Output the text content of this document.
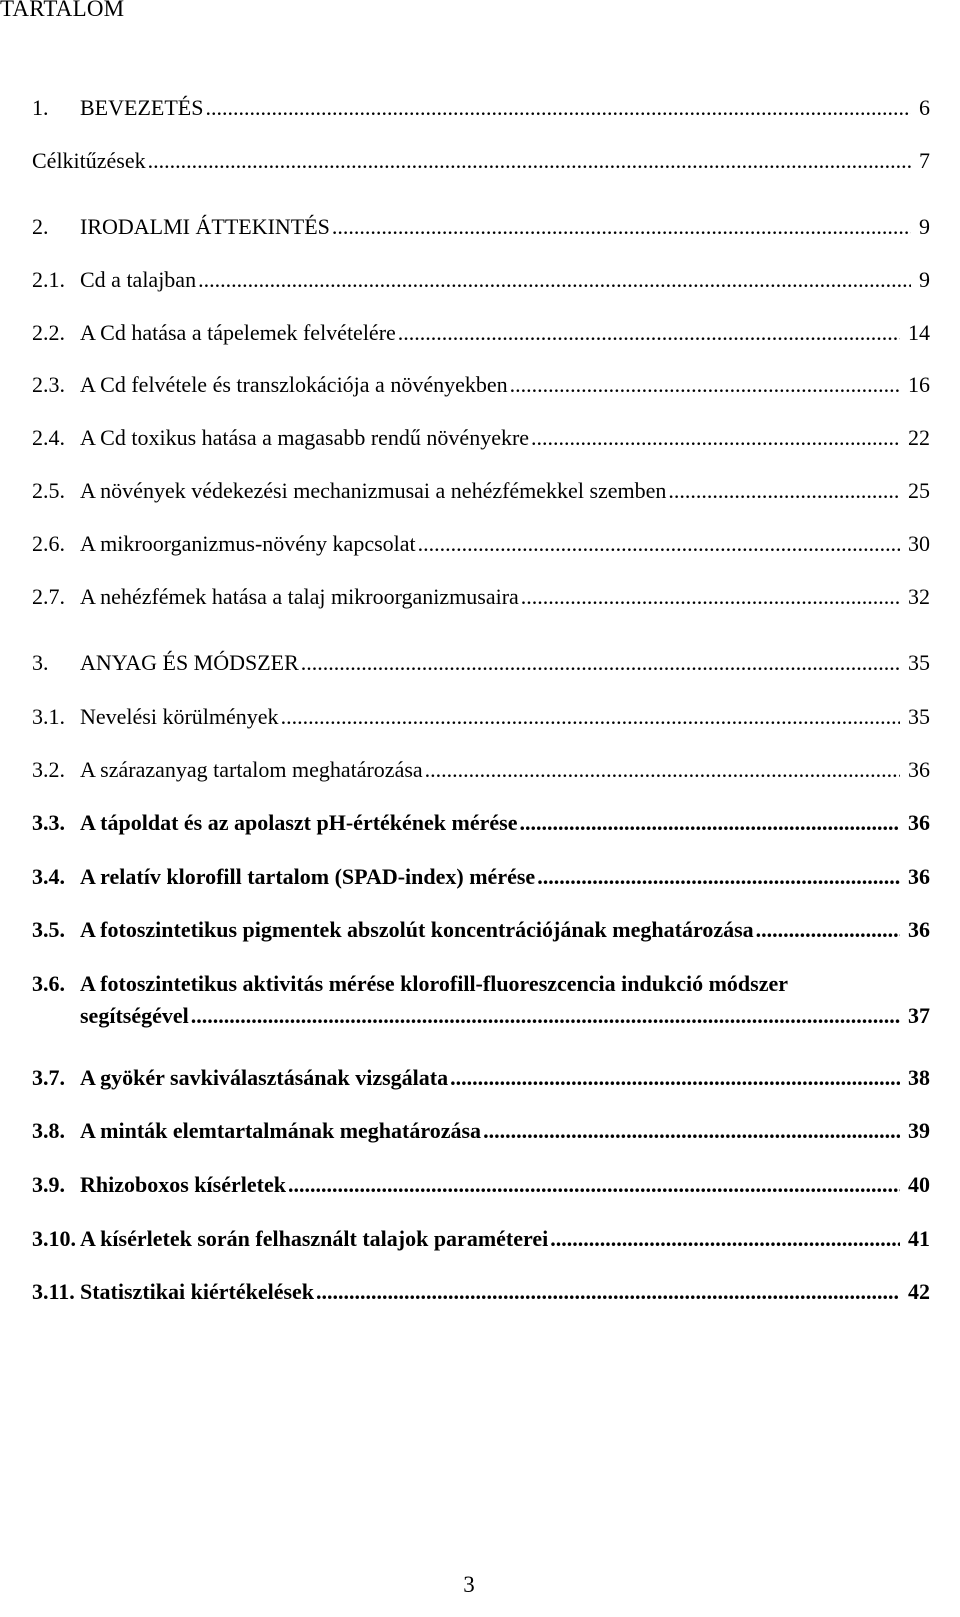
TARTALOM
1.	BEVEZETÉS .....	6
Célkitűzések .....	7
2.	IRODALMI ÁTTEKINTÉS .....	9
2.1. Cd a talajban .....	9
2.2. A Cd hatása a tápelemek felvételére .....	14
2.3. A Cd felvétele és transzlokációja a növényekben .....	16
2.4. A Cd toxikus hatása a magasabb rendű növényekre .....	22
2.5. A növények védekezési mechanizmusai a nehézfémekkel szemben .....	25
2.6. A mikroorganizmus-növény kapcsolat .....	30
2.7. A nehézfémek hatása a talaj mikroorganizmusaira .....	32
3.	ANYAG ÉS MÓDSZER .....	35
3.1. Nevelési körülmények .....	35
3.2. A szárazanyag tartalom meghatározása .....	36
3.3. A tápoldat és az apolaszt pH-értékének mérése .....	36
3.4. A relatív klorofill tartalom (SPAD-index) mérése .....	36
3.5. A fotoszintetikus pigmentek abszolút koncentrációjának meghatározása .....	36
3.6. A fotoszintetikus aktivitás mérése klorofill-fluoreszcencia indukció módszer
segítségével .....	37
3.7. A gyökér savkiválasztásának vizsgálata .....	38
3.8. A minták elemtartalmának meghatározása .....	39
3.9. Rhizoboxos kísérletek .....	40
3.10. A kísérletek során felhasznált talajok paraméterei .....	41
3.11. Statisztikai kiértékelések .....	42
3
